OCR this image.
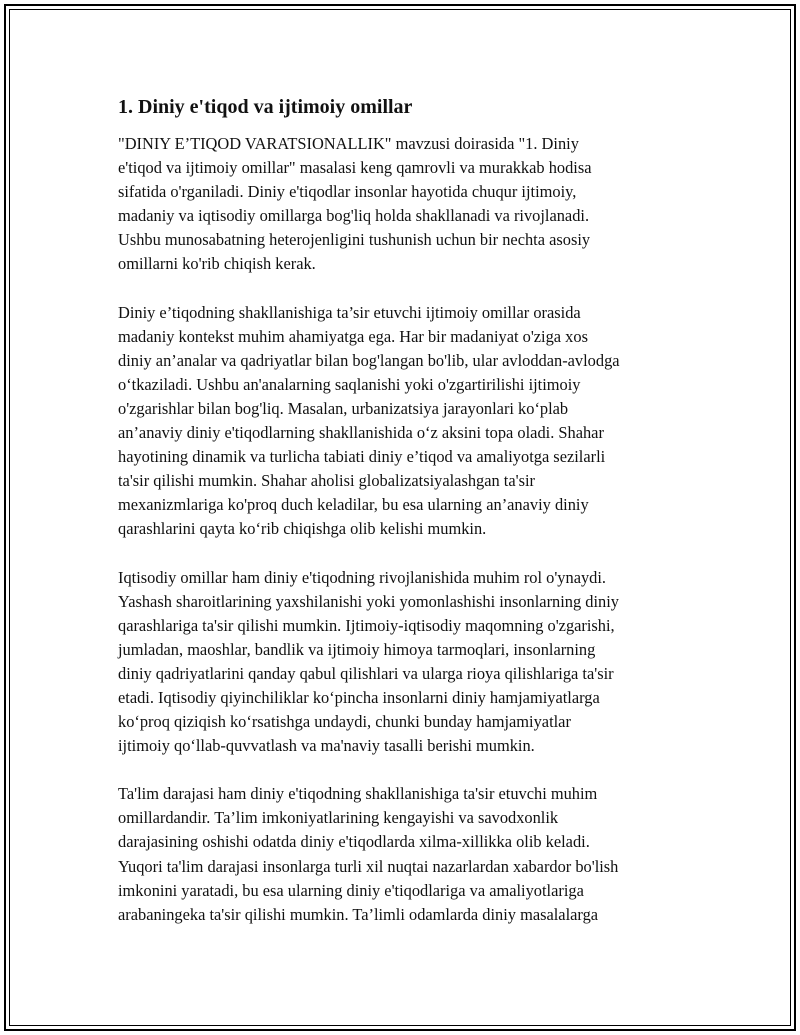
1. Diniy e'tiqod va ijtimoiy omillar

"DINIY E’TIQOD VARATSIONALLIK" mavzusi doirasida "1. Diniy
e'tiqod va ijtimoiy omillar" masalasi keng qamrovli va murakkab hodisa
sifatida o'rganiladi. Diniy e'tiqodlar insonlar hayotida chuqur ijtimoiy,
madaniy va iqtisodiy omillarga bog'liq holda shakllanadi va rivojlanadi.
Ushbu munosabatning heterojenligini tushunish uchun bir nechta asosiy
omillarni ko'rib chiqish kerak.

Diniy e’tiqodning shakllanishiga ta’sir etuvchi ijtimoiy omillar orasida
madaniy kontekst muhim ahamiyatga ega. Har bir madaniyat o'ziga xos
diniy an’analar va qadriyatlar bilan bog'langan bo'lib, ular avloddan-avlodga
o‘tkaziladi. Ushbu an'analarning saqlanishi yoki o'zgartirilishi ijtimoiy
o'zgarishlar bilan bog'liq. Masalan, urbanizatsiya jarayonlari ko‘plab
an’anaviy diniy e'tiqodlarning shakllanishida o‘z aksini topa oladi. Shahar
hayotining dinamik va turlicha tabiati diniy e’tiqod va amaliyotga sezilarli
ta'sir qilishi mumkin. Shahar aholisi globalizatsiyalashgan ta'sir
mexanizmlariga ko'proq duch keladilar, bu esa ularning an’anaviy diniy
qarashlarini qayta ko‘rib chiqishga olib kelishi mumkin.

Iqtisodiy omillar ham diniy e'tiqodning rivojlanishida muhim rol o'ynaydi.
Yashash sharoitlarining yaxshilanishi yoki yomonlashishi insonlarning diniy
qarashlariga ta'sir qilishi mumkin. Ijtimoiy-iqtisodiy maqomning o'zgarishi,
jumladan, maoshlar, bandlik va ijtimoiy himoya tarmoqlari, insonlarning
diniy qadriyatlarini qanday qabul qilishlari va ularga rioya qilishlariga ta'sir
etadi. Iqtisodiy qiyinchiliklar ko‘pincha insonlarni diniy hamjamiyatlarga
ko‘proq qiziqish ko‘rsatishga undaydi, chunki bunday hamjamiyatlar
ijtimoiy qo‘llab-quvvatlash va ma'naviy tasalli berishi mumkin.

Ta'lim darajasi ham diniy e'tiqodning shakllanishiga ta'sir etuvchi muhim
omillardandir. Ta’lim imkoniyatlarining kengayishi va savodxonlik
darajasining oshishi odatda diniy e'tiqodlarda xilma-xillikka olib keladi.
Yuqori ta'lim darajasi insonlarga turli xil nuqtai nazarlardan xabardor bo'lish
imkonini yaratadi, bu esa ularning diniy e'tiqodlariga va amaliyotlariga
arabaningeka ta'sir qilishi mumkin. Ta’limli odamlarda diniy masalalarga
